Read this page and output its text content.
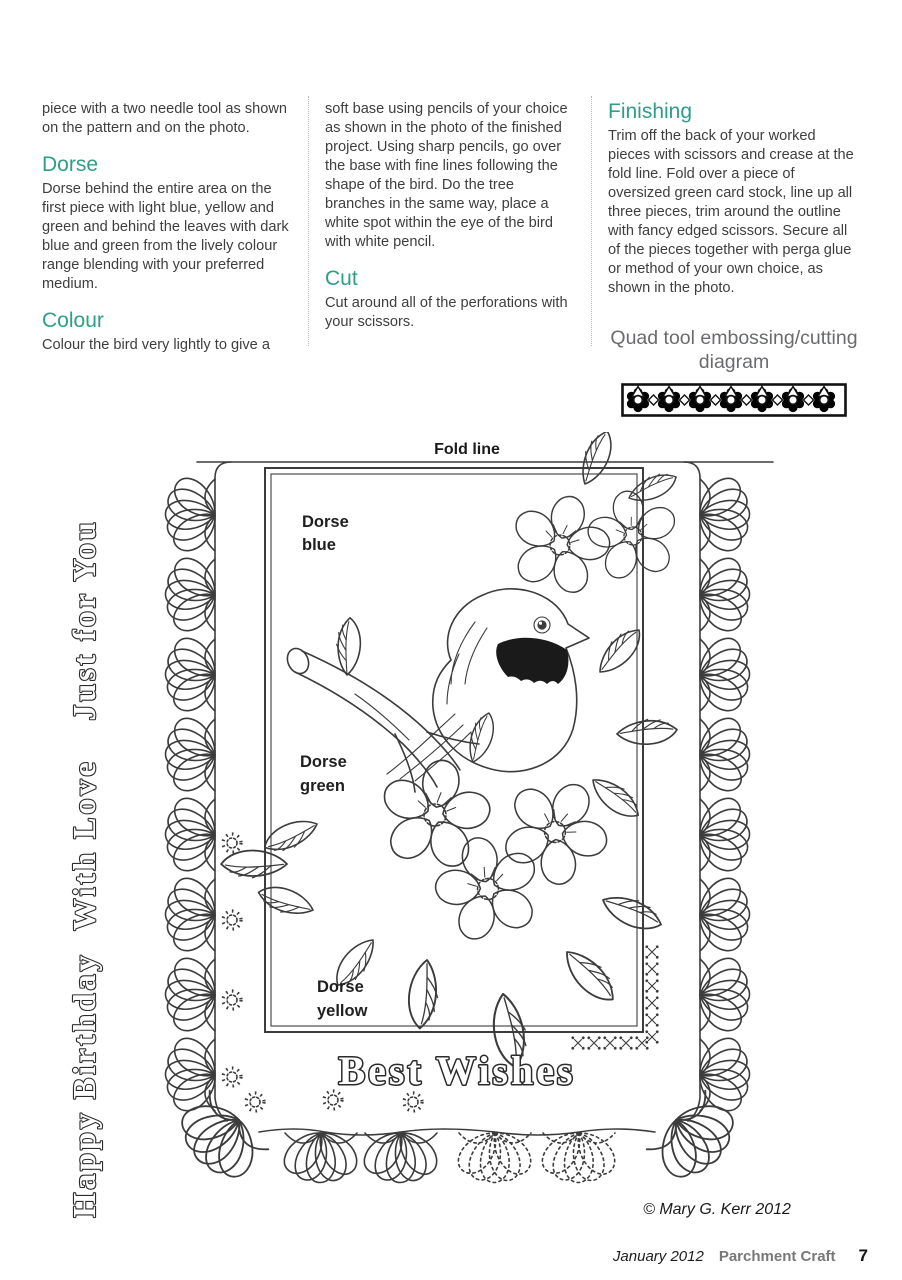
piece with a two needle tool as shown on the pattern and on the photo.

Dorse

Dorse behind the entire area on the first piece with light blue, yellow and green and behind the leaves with dark blue and green from the lively colour range blending with your preferred medium.

Colour

Colour the bird very lightly to give a

soft base using pencils of your choice as shown in the photo of the finished project. Using sharp pencils, go over the base with fine lines following the shape of the bird. Do the tree branches in the same way, place a white spot within the eye of the bird with white pencil.

Cut

Cut around all of the perforations with your scissors.

Finishing

Trim off the back of your worked pieces with scissors and crease at the fold line. Fold over a piece of oversized green card stock, line up all three pieces, trim around the outline with fancy edged scissors. Secure all of the pieces together with perga glue or method of your own choice, as shown in the photo.

Quad tool embossing/cutting diagram
Fold line
Dorse
blue
Dorse
green
Dorse
yellow
Happy Birthday
With Love
Just for You
Best Wishes
© Mary G. Kerr 2012
January 2012 Parchment Craft 7
